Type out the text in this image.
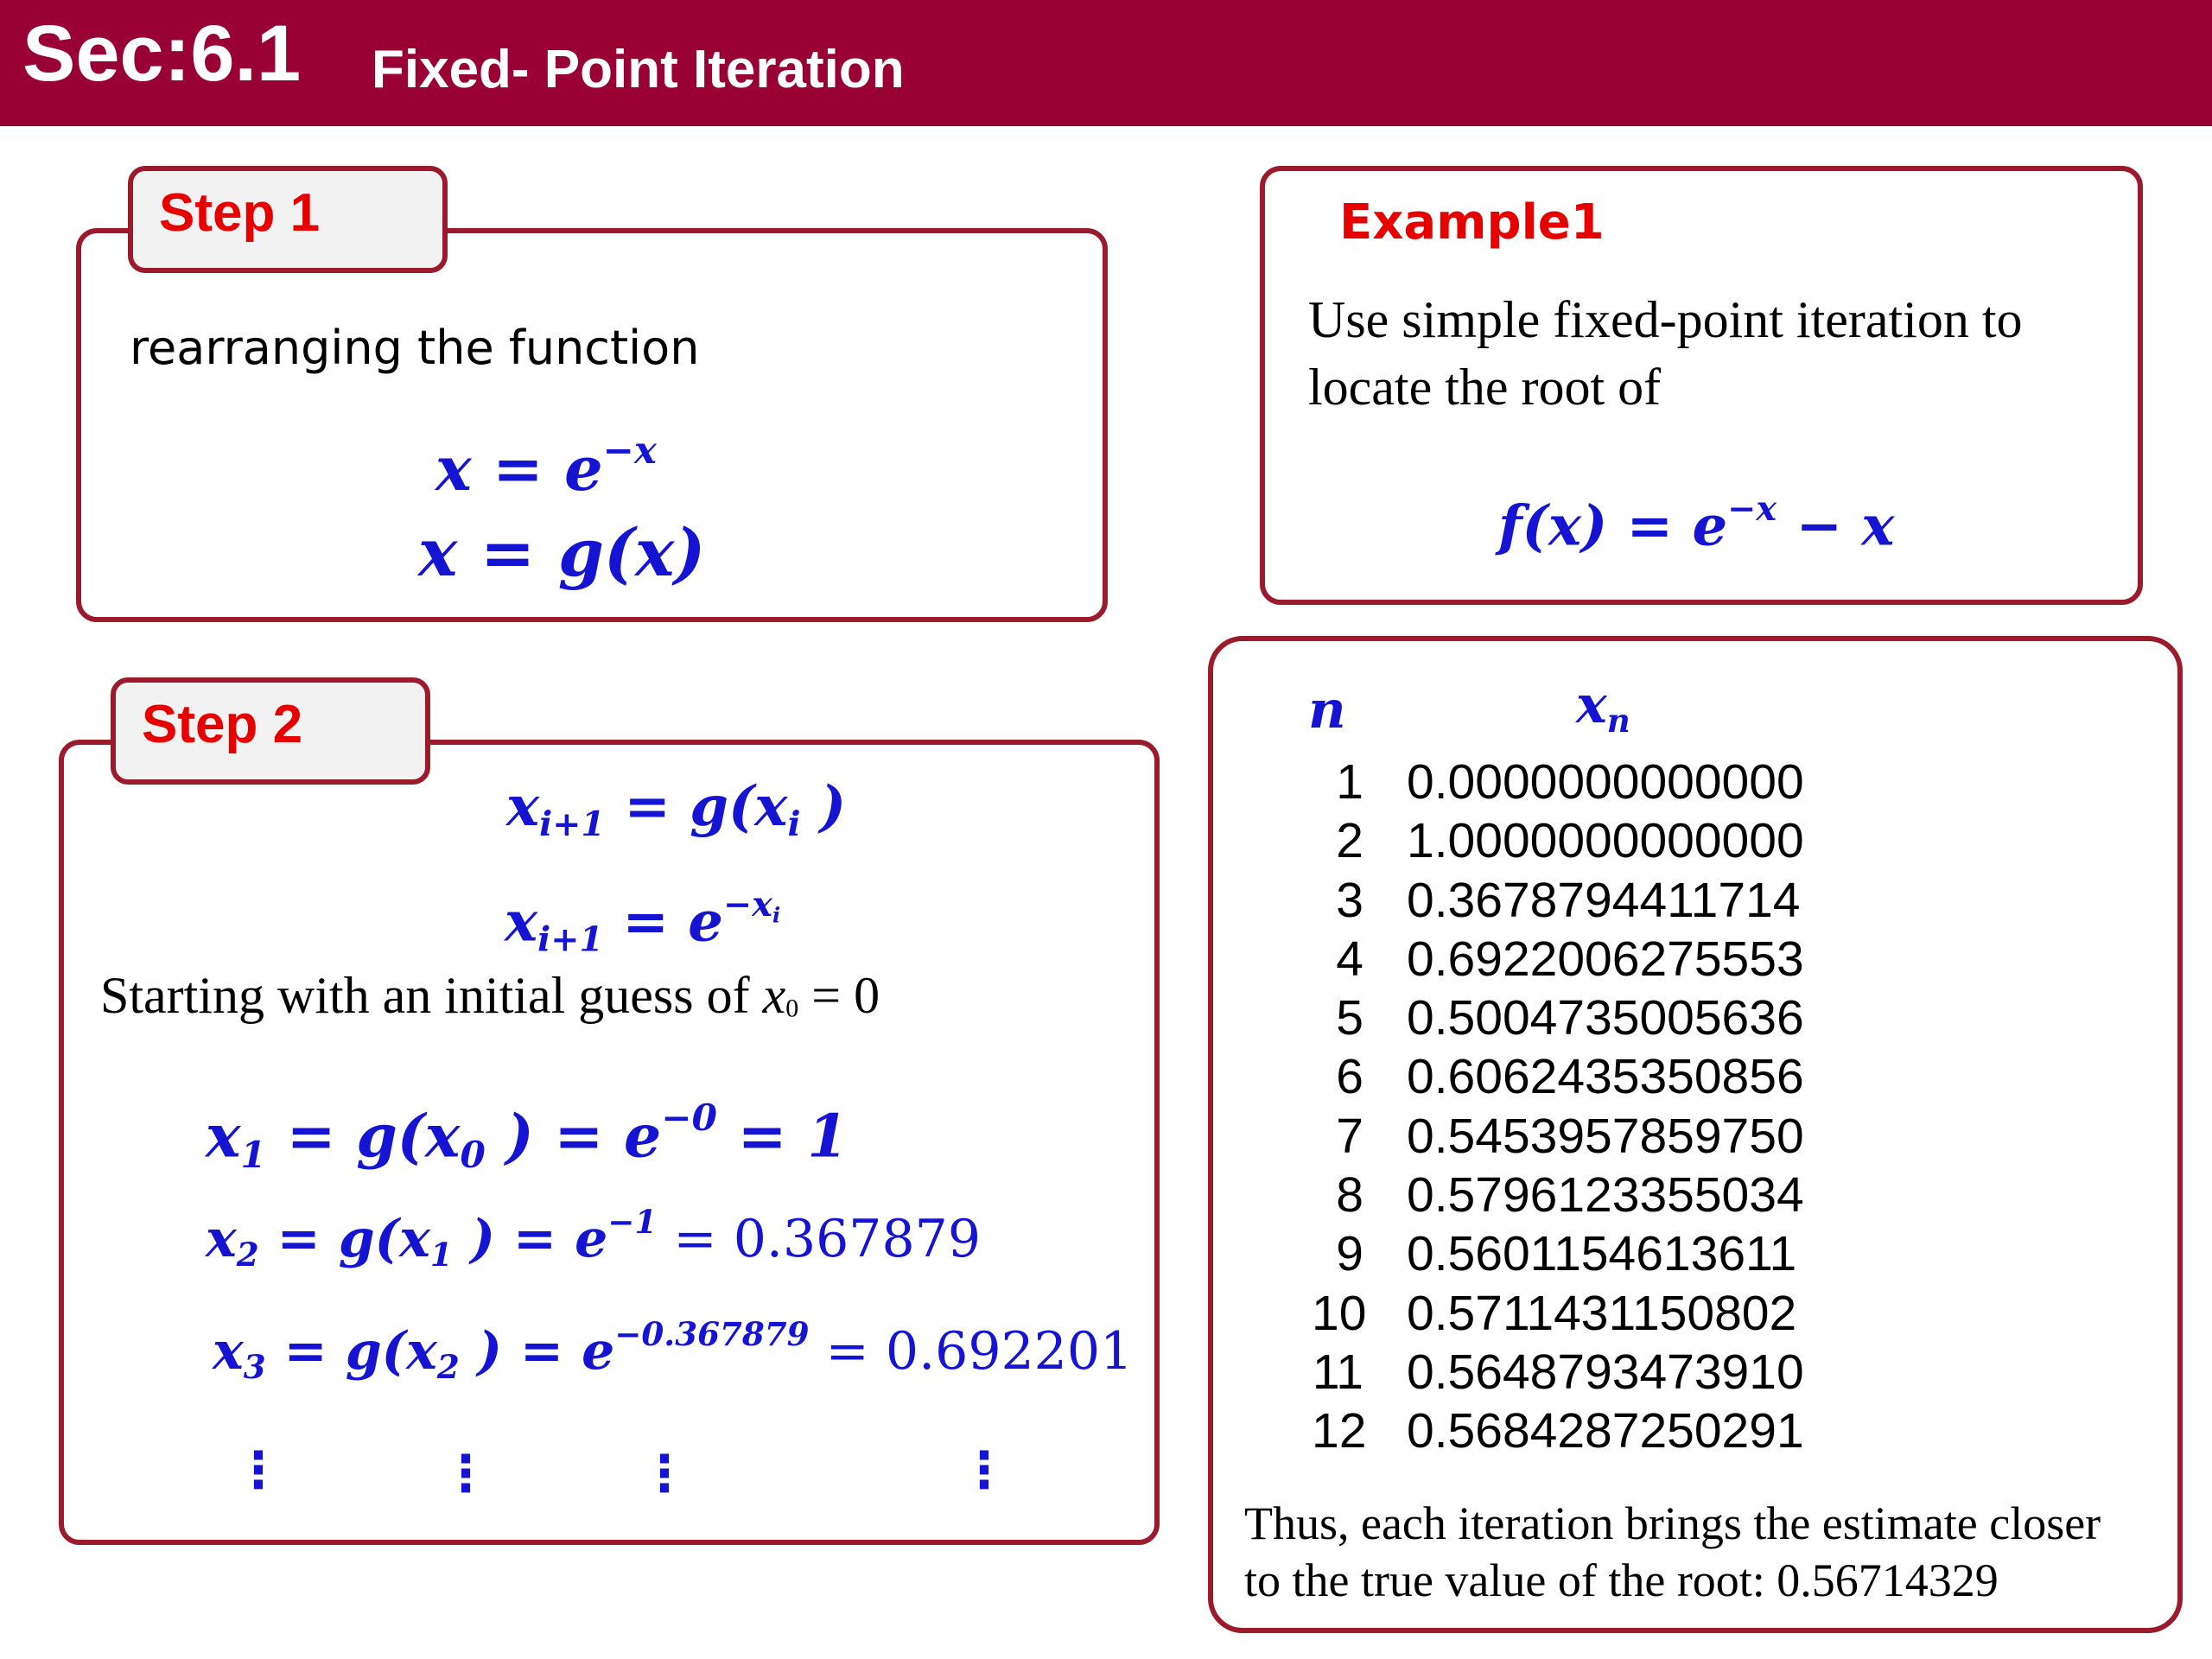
Sec:6.1 Fixed- Point Iteration
Step 1
rearranging the function
$x = e^{-x}$
x = g(x)
Example1
Use simple fixed-point iteration to
locate the root of
$f(x) = e^{-x} - x$
Step 2
$x_{i+1} = g(x_i$ )
$x_{i+1} = e^{-x_i}$
Starting with an initial guess of x0 = 0
$x_1 = g(x_0$ ) = $e^{-0} = 1$
$x_2 = g(x_1$ ) = $e^{-1} = 0.367879$
$x_3 = g(x_2$ ) = $e^{-0.367879} = 0.692201$
⋮	⋮	⋮	⋮
n	$x_n$
1 0.0000000000000
2 1.0000000000000
3 0.3678794411714
4 0.6922006275553
5 0.5004735005636
6 0.6062435350856
7 0.5453957859750
8 0.5796123355034
9 0.5601154613611
10 0.5711431150802
11 0.5648793473910
12 0.5684287250291
Thus, each iteration brings the estimate closer
to the true value of the root: 0.56714329
